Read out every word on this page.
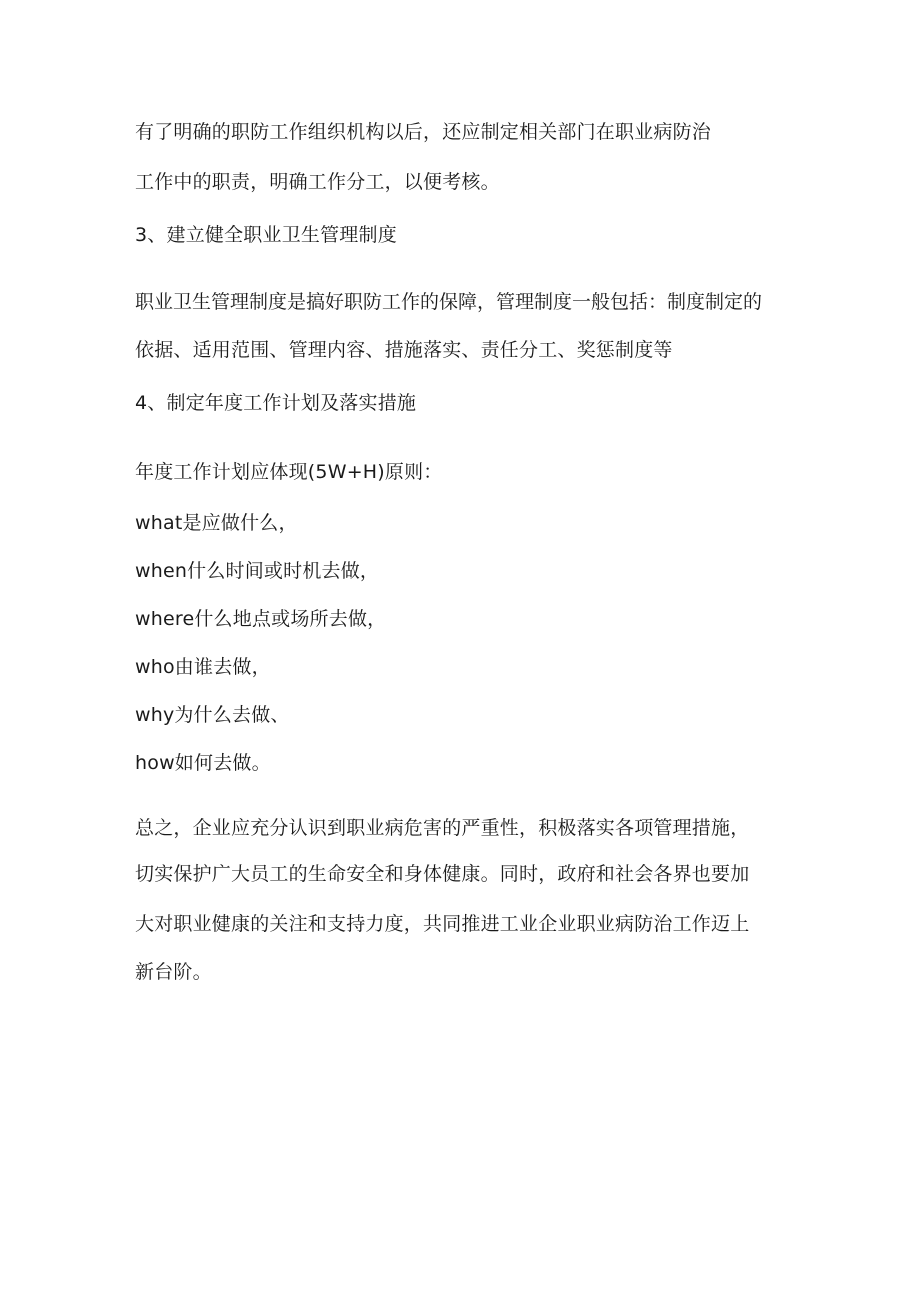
有了明确的职防工作组织机构以后，还应制定相关部门在职业病防治
工作中的职责，明确工作分工，以便考核。
3、建立健全职业卫生管理制度
职业卫生管理制度是搞好职防工作的保障，管理制度一般包括：制度制定的
依据、适用范围、管理内容、措施落实、责任分工、奖惩制度等
4、制定年度工作计划及落实措施
年度工作计划应体现(5W+H)原则：
what是应做什么，
when什么时间或时机去做，
where什么地点或场所去做，
who由谁去做，
why为什么去做、
how如何去做。
总之，企业应充分认识到职业病危害的严重性，积极落实各项管理措施，
切实保护广大员工的生命安全和身体健康。同时，政府和社会各界也要加
大对职业健康的关注和支持力度，共同推进工业企业职业病防治工作迈上
新台阶。
